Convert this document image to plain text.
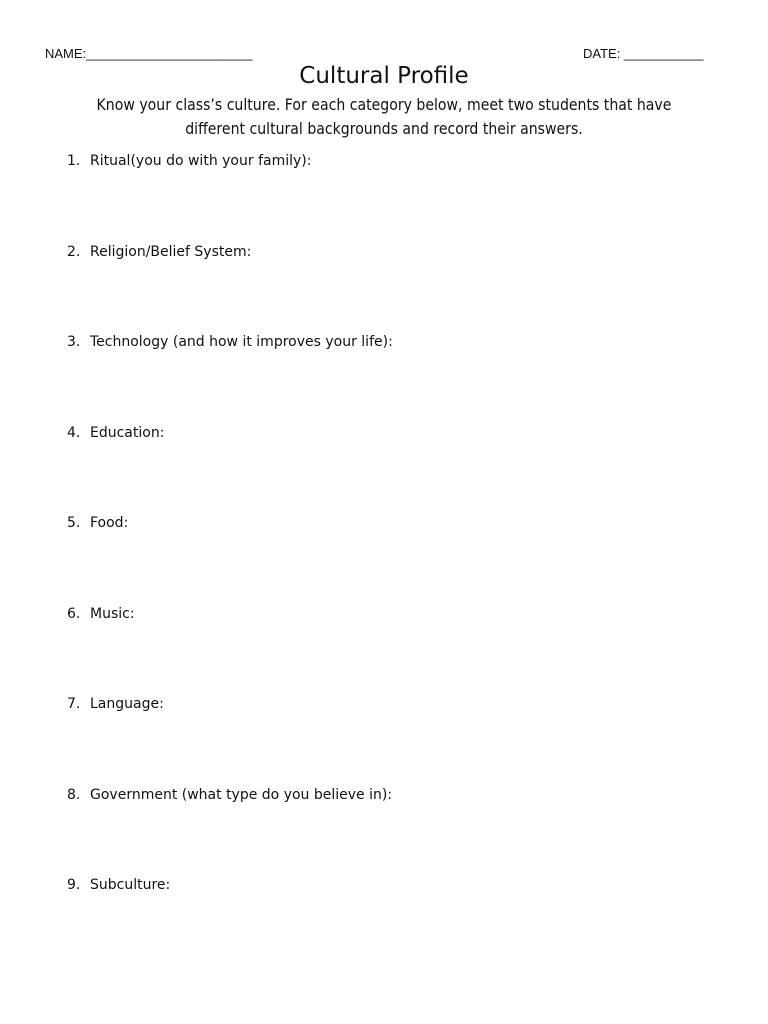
NAME:_______________________	DATE: ___________
Cultural Profile
Know your class’s culture. For each category below, meet two students that have different cultural backgrounds and record their answers.
1. Ritual(you do with your family):
2. Religion/Belief System:
3. Technology (and how it improves your life):
4. Education:
5. Food:
6. Music:
7. Language:
8. Government (what type do you believe in):
9. Subculture:
